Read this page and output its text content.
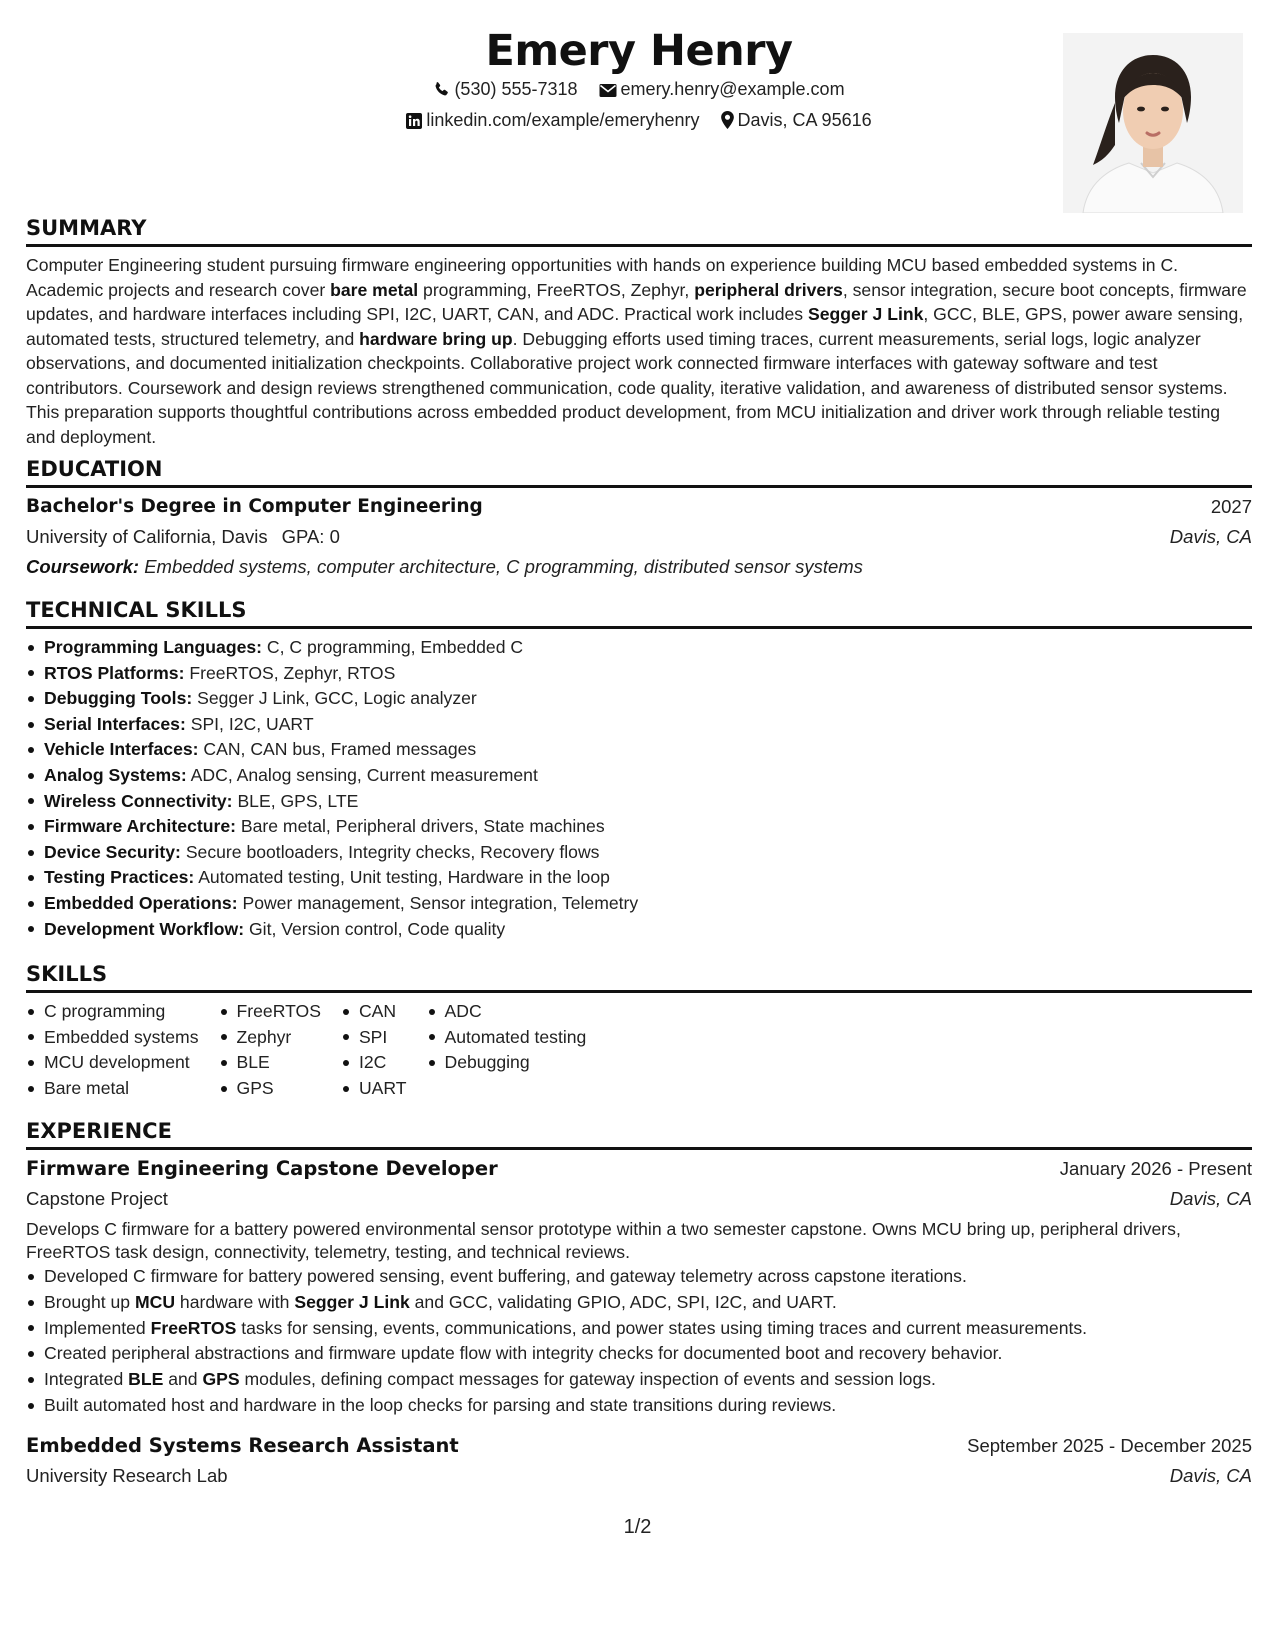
Emery Henry
(530) 555-7318 emery.henry@example.com
linkedin.com/example/emeryhenry Davis, CA 95616
SUMMARY
Computer Engineering student pursuing firmware engineering opportunities with hands on experience building MCU based embedded systems in C. Academic projects and research cover bare metal programming, FreeRTOS, Zephyr, peripheral drivers, sensor integration, secure boot concepts, firmware updates, and hardware interfaces including SPI, I2C, UART, CAN, and ADC. Practical work includes Segger J Link, GCC, BLE, GPS, power aware sensing, automated tests, structured telemetry, and hardware bring up. Debugging efforts used timing traces, current measurements, serial logs, logic analyzer observations, and documented initialization checkpoints. Collaborative project work connected firmware interfaces with gateway software and test contributors. Coursework and design reviews strengthened communication, code quality, iterative validation, and awareness of distributed sensor systems. This preparation supports thoughtful contributions across embedded product development, from MCU initialization and driver work through reliable testing and deployment.
EDUCATION
Bachelor's Degree in Computer Engineering	2027
University of California, Davis GPA: 0	Davis, CA
Coursework: Embedded systems, computer architecture, C programming, distributed sensor systems
TECHNICAL SKILLS
Programming Languages: C, C programming, Embedded C
RTOS Platforms: FreeRTOS, Zephyr, RTOS
Debugging Tools: Segger J Link, GCC, Logic analyzer
Serial Interfaces: SPI, I2C, UART
Vehicle Interfaces: CAN, CAN bus, Framed messages
Analog Systems: ADC, Analog sensing, Current measurement
Wireless Connectivity: BLE, GPS, LTE
Firmware Architecture: Bare metal, Peripheral drivers, State machines
Device Security: Secure bootloaders, Integrity checks, Recovery flows
Testing Practices: Automated testing, Unit testing, Hardware in the loop
Embedded Operations: Power management, Sensor integration, Telemetry
Development Workflow: Git, Version control, Code quality
SKILLS
C programming
Embedded systems
MCU development
Bare metal
FreeRTOS
Zephyr
BLE
GPS
CAN
SPI
I2C
UART
ADC
Automated testing
Debugging
EXPERIENCE
Firmware Engineering Capstone Developer	January 2026 - Present
Capstone Project	Davis, CA
Develops C firmware for a battery powered environmental sensor prototype within a two semester capstone. Owns MCU bring up, peripheral drivers, FreeRTOS task design, connectivity, telemetry, testing, and technical reviews.
Developed C firmware for battery powered sensing, event buffering, and gateway telemetry across capstone iterations.
Brought up MCU hardware with Segger J Link and GCC, validating GPIO, ADC, SPI, I2C, and UART.
Implemented FreeRTOS tasks for sensing, events, communications, and power states using timing traces and current measurements.
Created peripheral abstractions and firmware update flow with integrity checks for documented boot and recovery behavior.
Integrated BLE and GPS modules, defining compact messages for gateway inspection of events and session logs.
Built automated host and hardware in the loop checks for parsing and state transitions during reviews.
Embedded Systems Research Assistant	September 2025 - December 2025
University Research Lab	Davis, CA
1/2
